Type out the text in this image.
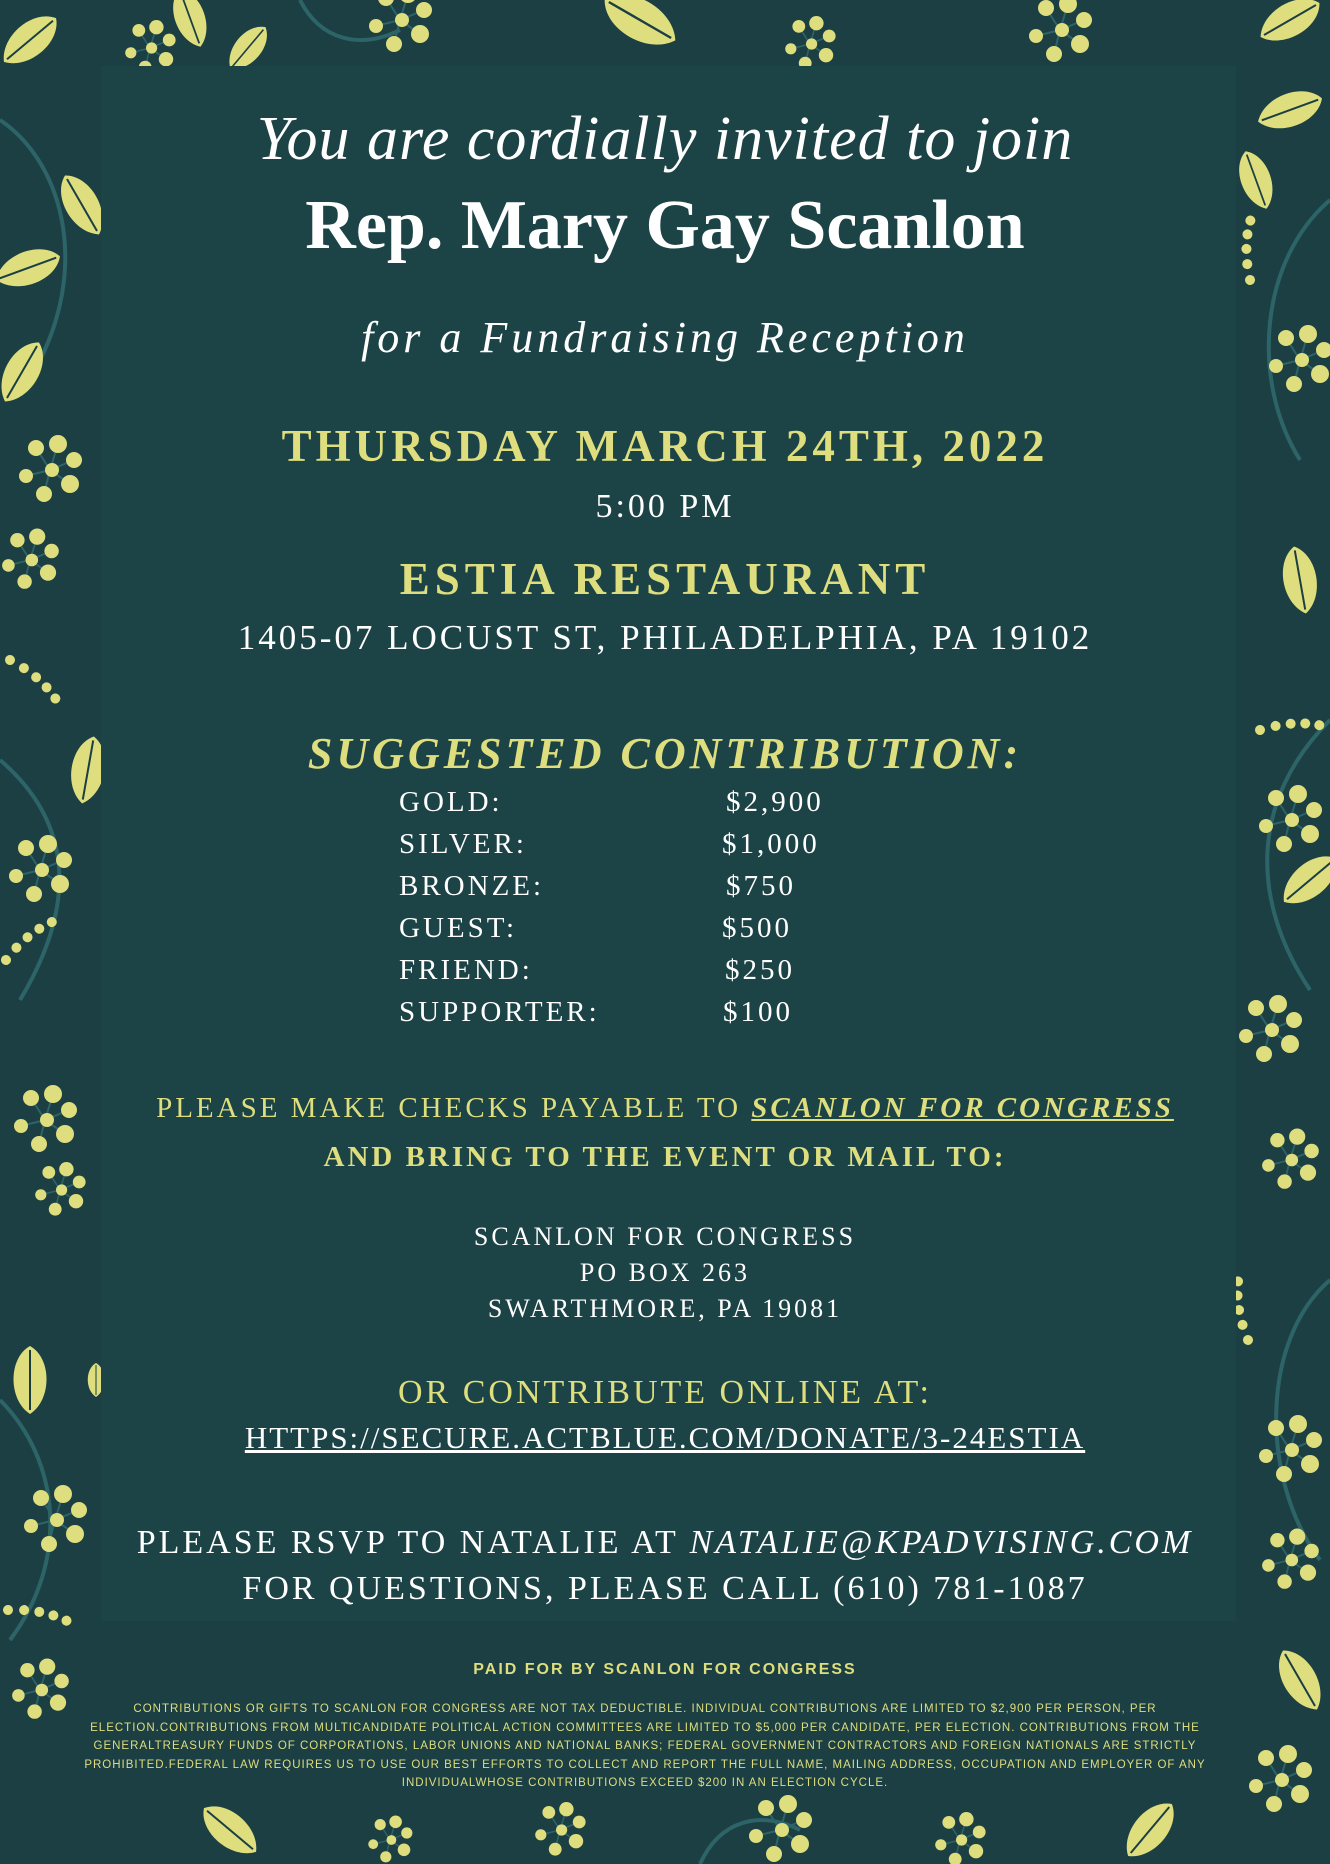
You are cordially invited to join
Rep. Mary Gay Scanlon
for a Fundraising Reception
THURSDAY MARCH 24TH, 2022
5:00 PM
ESTIA RESTAURANT
1405-07 LOCUST ST, PHILADELPHIA, PA 19102
SUGGESTED CONTRIBUTION:
GOLD:	$2,900
SILVER:	$1,000
BRONZE:	$750
GUEST:	$500
FRIEND:	$250
SUPPORTER:	$100
PLEASE MAKE CHECKS PAYABLE TO SCANLON FOR CONGRESS
AND BRING TO THE EVENT OR MAIL TO:
SCANLON FOR CONGRESS
PO BOX 263
SWARTHMORE, PA 19081
OR CONTRIBUTE ONLINE AT:
HTTPS://SECURE.ACTBLUE.COM/DONATE/3-24ESTIA
PLEASE RSVP TO NATALIE AT NATALIE@KPADVISING.COM
FOR QUESTIONS, PLEASE CALL (610) 781-1087
PAID FOR BY SCANLON FOR CONGRESS
CONTRIBUTIONS OR GIFTS TO SCANLON FOR CONGRESS ARE NOT TAX DEDUCTIBLE. INDIVIDUAL CONTRIBUTIONS ARE LIMITED TO $2,900 PER PERSON, PER ELECTION.CONTRIBUTIONS FROM MULTICANDIDATE POLITICAL ACTION COMMITTEES ARE LIMITED TO $5,000 PER CANDIDATE, PER ELECTION. CONTRIBUTIONS FROM THE GENERALTREASURY FUNDS OF CORPORATIONS, LABOR UNIONS AND NATIONAL BANKS; FEDERAL GOVERNMENT CONTRACTORS AND FOREIGN NATIONALS ARE STRICTLY PROHIBITED.FEDERAL LAW REQUIRES US TO USE OUR BEST EFFORTS TO COLLECT AND REPORT THE FULL NAME, MAILING ADDRESS, OCCUPATION AND EMPLOYER OF ANY INDIVIDUALWHOSE CONTRIBUTIONS EXCEED $200 IN AN ELECTION CYCLE.
